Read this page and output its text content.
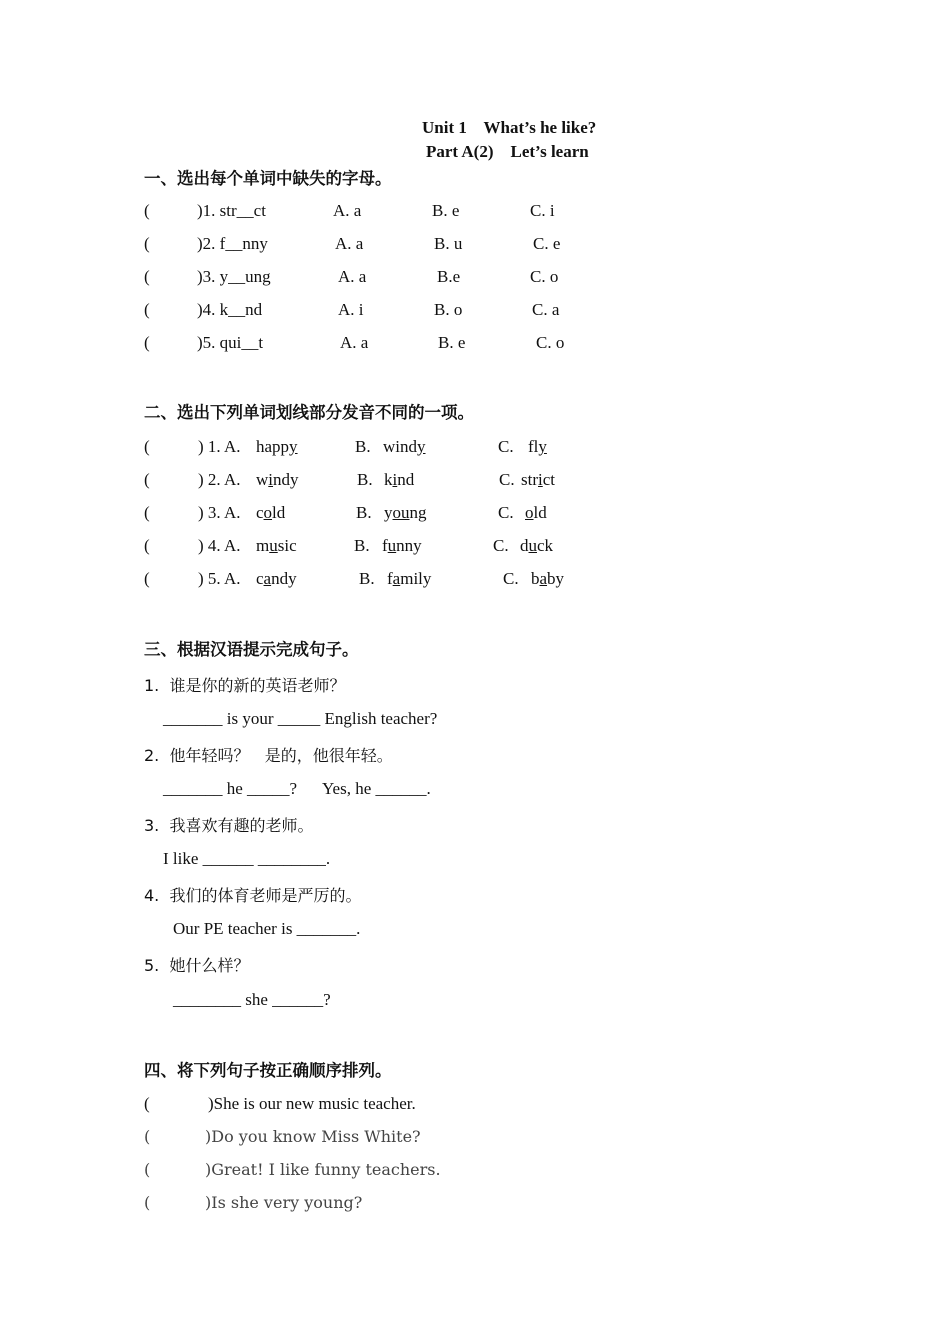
Unit 1    What’s he like?
Part A(2)    Let’s learn
一、选出每个单词中缺失的字母。
(	)1. str__ct	A. a	B. e	C. i
(	)2. f__nny	A. a	B. u	C. e
(	)3. y__ung	A. a	B.e	C. o
(	)4. k__nd	A. i	B. o	C. a
(	)5. qui__t	A. a	B. e	C. o
二、选出下列单词划线部分发音不同的一项。
(	) 1. A. happy	B. windy	C. fly
(	) 2. A. windy	B. kind	C. strict
(	) 3. A. cold	B. young	C. old
(	) 4. A. music	B. funny	C. duck
(	) 5. A. candy	B. family	C. baby
三、根据汉语提示完成句子。
1.  谁是你的新的英语老师？
_______ is your _____ English teacher?
2.  他年轻吗？   是的，他很年轻。
_______ he _____?      Yes, he ______.
3.  我喜欢有趣的老师。
I like ______ ________.
4.  我们的体育老师是严厉的。
Our PE teacher is _______.
5.  她什么样？
________ she ______?
四、将下列句子按正确顺序排列。
(	)She is our new music teacher.
(	)Do you know Miss White?
(	)Great! I like funny teachers.
(	)Is she very young?
